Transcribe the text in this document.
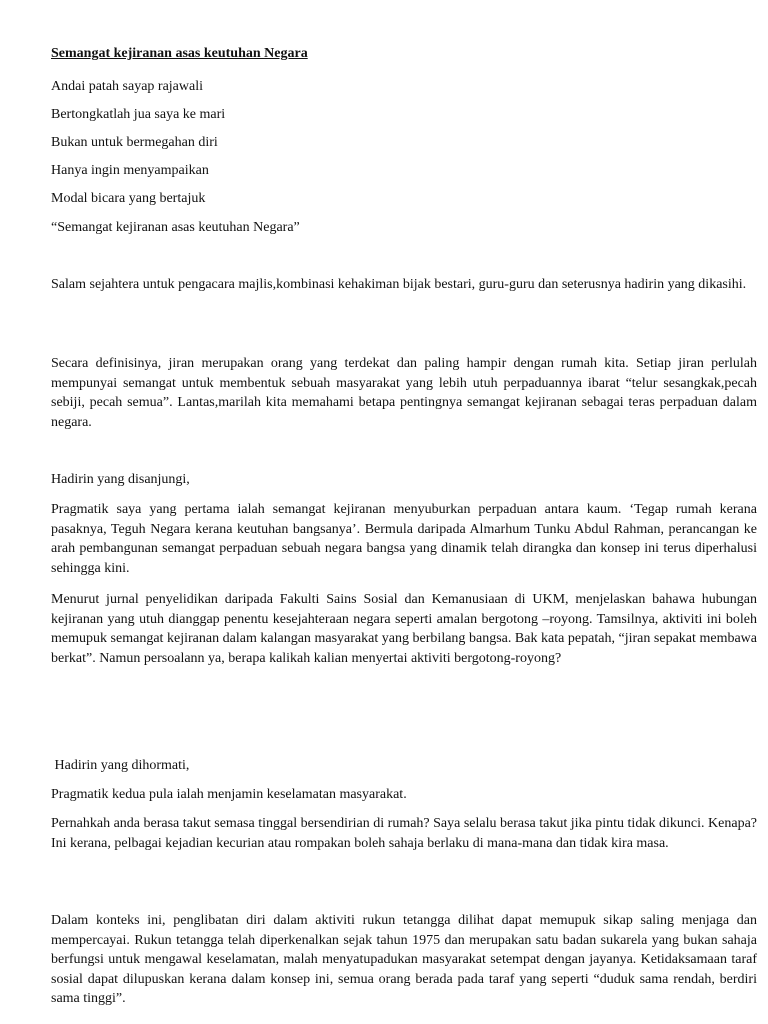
Semangat kejiranan asas keutuhan Negara
Andai patah sayap rajawali
Bertongkatlah jua saya ke mari
Bukan untuk bermegahan diri
Hanya ingin menyampaikan
Modal bicara yang bertajuk
“Semangat kejiranan asas keutuhan Negara”

Salam sejahtera untuk pengacara majlis,kombinasi kehakiman bijak bestari, guru-guru dan seterusnya hadirin yang dikasihi.

Secara definisinya, jiran merupakan orang yang terdekat dan paling hampir dengan rumah kita. Setiap jiran perlulah mempunyai semangat untuk membentuk sebuah masyarakat yang lebih utuh perpaduannya ibarat “telur sesangkak,pecah sebiji, pecah semua”. Lantas,marilah kita memahami betapa pentingnya semangat kejiranan sebagai teras perpaduan dalam negara.

Hadirin yang disanjungi,

Pragmatik saya yang pertama ialah semangat kejiranan menyuburkan perpaduan antara kaum. ‘Tegap rumah kerana pasaknya, Teguh Negara kerana keutuhan bangsanya’. Bermula daripada Almarhum Tunku Abdul Rahman, perancangan ke arah pembangunan semangat perpaduan sebuah negara bangsa yang dinamik telah dirangka dan konsep ini terus diperhalusi sehingga kini.

Menurut jurnal penyelidikan daripada Fakulti Sains Sosial dan Kemanusiaan di UKM, menjelaskan bahawa hubungan kejiranan yang utuh dianggap penentu kesejahteraan negara seperti amalan bergotong –royong. Tamsilnya, aktiviti ini boleh memupuk semangat kejiranan dalam kalangan masyarakat yang berbilang bangsa. Bak kata pepatah, “jiran sepakat membawa berkat”. Namun persoalann ya, berapa kalikah kalian menyertai aktiviti bergotong-royong?

Hadirin yang dihormati,
Pragmatik kedua pula ialah menjamin keselamatan masyarakat.

Pernahkah anda berasa takut semasa tinggal bersendirian di rumah? Saya selalu berasa takut jika pintu tidak dikunci. Kenapa? Ini kerana, pelbagai kejadian kecurian atau rompakan boleh sahaja berlaku di mana-mana dan tidak kira masa.

Dalam konteks ini, penglibatan diri dalam aktiviti rukun tetangga dilihat dapat memupuk sikap saling menjaga dan mempercayai. Rukun tetangga telah diperkenalkan sejak tahun 1975 dan merupakan satu badan sukarela yang bukan sahaja berfungsi untuk mengawal keselamatan, malah menyatupadukan masyarakat setempat dengan jayanya. Ketidaksamaan taraf sosial dapat dilupuskan kerana dalam konsep ini, semua orang berada pada taraf yang seperti “duduk sama rendah, berdiri sama tinggi”.
